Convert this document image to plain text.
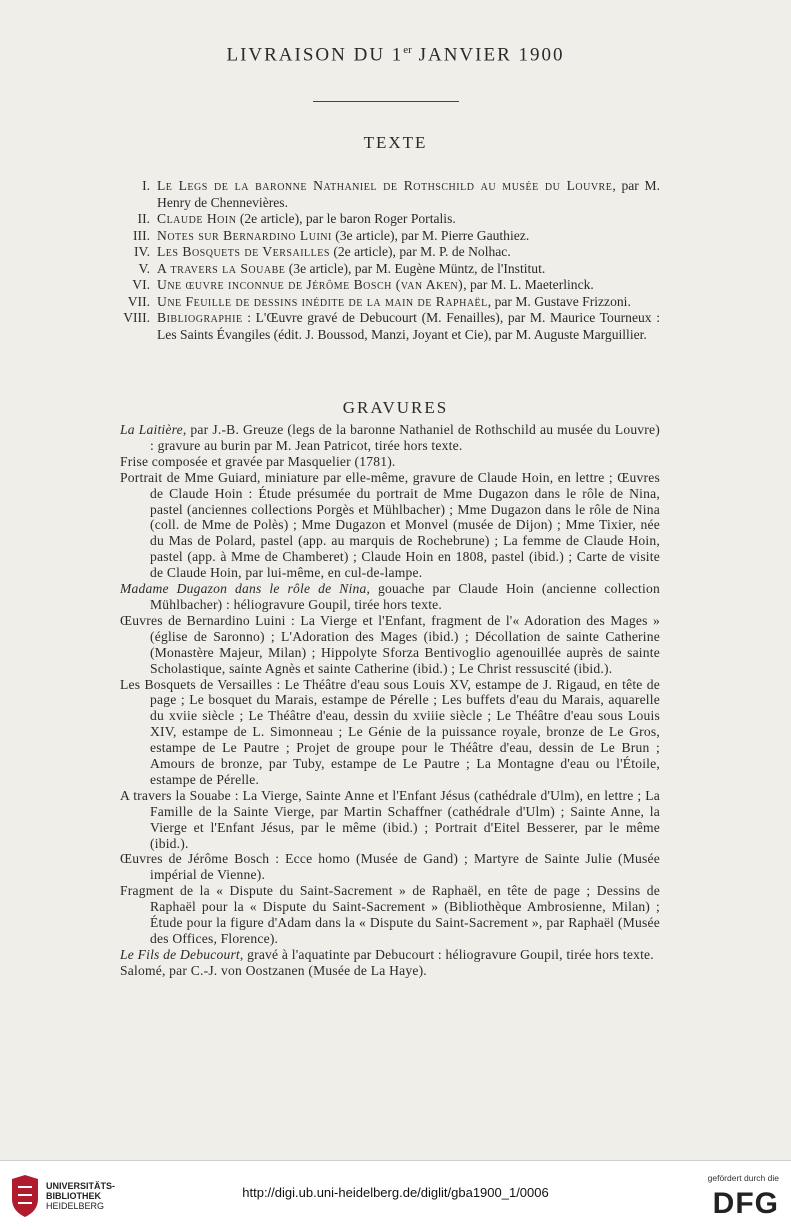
LIVRAISON DU 1er JANVIER 1900
TEXTE
I. Le Legs de la baronne Nathaniel de Rothschild au musée du Louvre, par M. Henry de Chennevières.
II. Claude Hoin (2e article), par le baron Roger Portalis.
III. Notes sur Bernardino Luini (3e article), par M. Pierre Gauthiez.
IV. Les Bosquets de Versailles (2e article), par M. P. de Nolhac.
V. A travers la Souabe (3e article), par M. Eugène Müntz, de l'Institut.
VI. Une œuvre inconnue de Jérôme Bosch (van Aken), par M. L. Maeterlinck.
VII. Une Feuille de dessins inédite de la main de Raphaël, par M. Gustave Frizzoni.
VIII. Bibliographie : L'Œuvre gravé de Debucourt (M. Fenailles), par M. Maurice Tourneux : Les Saints Évangiles (édit. J. Boussod, Manzi, Joyant et Cie), par M. Auguste Marguillier.
GRAVURES
La Laitière, par J.-B. Greuze (legs de la baronne Nathaniel de Rothschild au musée du Louvre) : gravure au burin par M. Jean Patricot, tirée hors texte.
Frise composée et gravée par Masquelier (1781).
Portrait de Mme Guiard, miniature par elle-même, gravure de Claude Hoin, en lettre ; Œuvres de Claude Hoin : Étude présumée du portrait de Mme Dugazon dans le rôle de Nina, pastel (anciennes collections Porgès et Mühlbacher) ; Mme Dugazon dans le rôle de Nina (coll. de Mme de Polès) ; Mme Dugazon et Monvel (musée de Dijon) ; Mme Tixier, née du Mas de Polard, pastel (app. au marquis de Rochebrune) ; La femme de Claude Hoin, pastel (app. à Mme de Chamberet) ; Claude Hoin en 1808, pastel (ibid.) ; Carte de visite de Claude Hoin, par lui-même, en cul-de-lampe.
Madame Dugazon dans le rôle de Nina, gouache par Claude Hoin (ancienne collection Mühlbacher) : héliogravure Goupil, tirée hors texte.
Œuvres de Bernardino Luini : La Vierge et l'Enfant, fragment de l'« Adoration des Mages » (église de Saronno) ; L'Adoration des Mages (ibid.) ; Décollation de sainte Catherine (Monastère Majeur, Milan) ; Hippolyte Sforza Bentivoglio agenouillée auprès de sainte Scholastique, sainte Agnès et sainte Catherine (ibid.) ; Le Christ ressuscité (ibid.).
Les Bosquets de Versailles : Le Théâtre d'eau sous Louis XV, estampe de J. Rigaud, en tête de page ; Le bosquet du Marais, estampe de Pérelle ; Les buffets d'eau du Marais, aquarelle du xviie siècle ; Le Théâtre d'eau, dessin du xviiie siècle ; Le Théâtre d'eau sous Louis XIV, estampe de L. Simonneau ; Le Génie de la puissance royale, bronze de Le Gros, estampe de Le Pautre ; Projet de groupe pour le Théâtre d'eau, dessin de Le Brun ; Amours de bronze, par Tuby, estampe de Le Pautre ; La Montagne d'eau ou l'Étoile, estampe de Pérelle.
A travers la Souabe : La Vierge, Sainte Anne et l'Enfant Jésus (cathédrale d'Ulm), en lettre ; La Famille de la Sainte Vierge, par Martin Schaffner (cathédrale d'Ulm) ; Sainte Anne, la Vierge et l'Enfant Jésus, par le même (ibid.) ; Portrait d'Eitel Besserer, par le même (ibid.).
Œuvres de Jérôme Bosch : Ecce homo (Musée de Gand) ; Martyre de Sainte Julie (Musée impérial de Vienne).
Fragment de la « Dispute du Saint-Sacrement » de Raphaël, en tête de page ; Dessins de Raphaël pour la « Dispute du Saint-Sacrement » (Bibliothèque Ambrosienne, Milan) ; Étude pour la figure d'Adam dans la « Dispute du Saint-Sacrement », par Raphaël (Musée des Offices, Florence).
Le Fils de Debucourt, gravé à l'aquatinte par Debucourt : héliogravure Goupil, tirée hors texte.
Salomé, par C.-J. von Oostzanen (Musée de La Haye).
UNIVERSITÄTS-
BIBLIOTHEK
HEIDELBERG
http://digi.ub.uni-heidelberg.de/diglit/gba1900_1/0006
gefördert durch die
DFG
